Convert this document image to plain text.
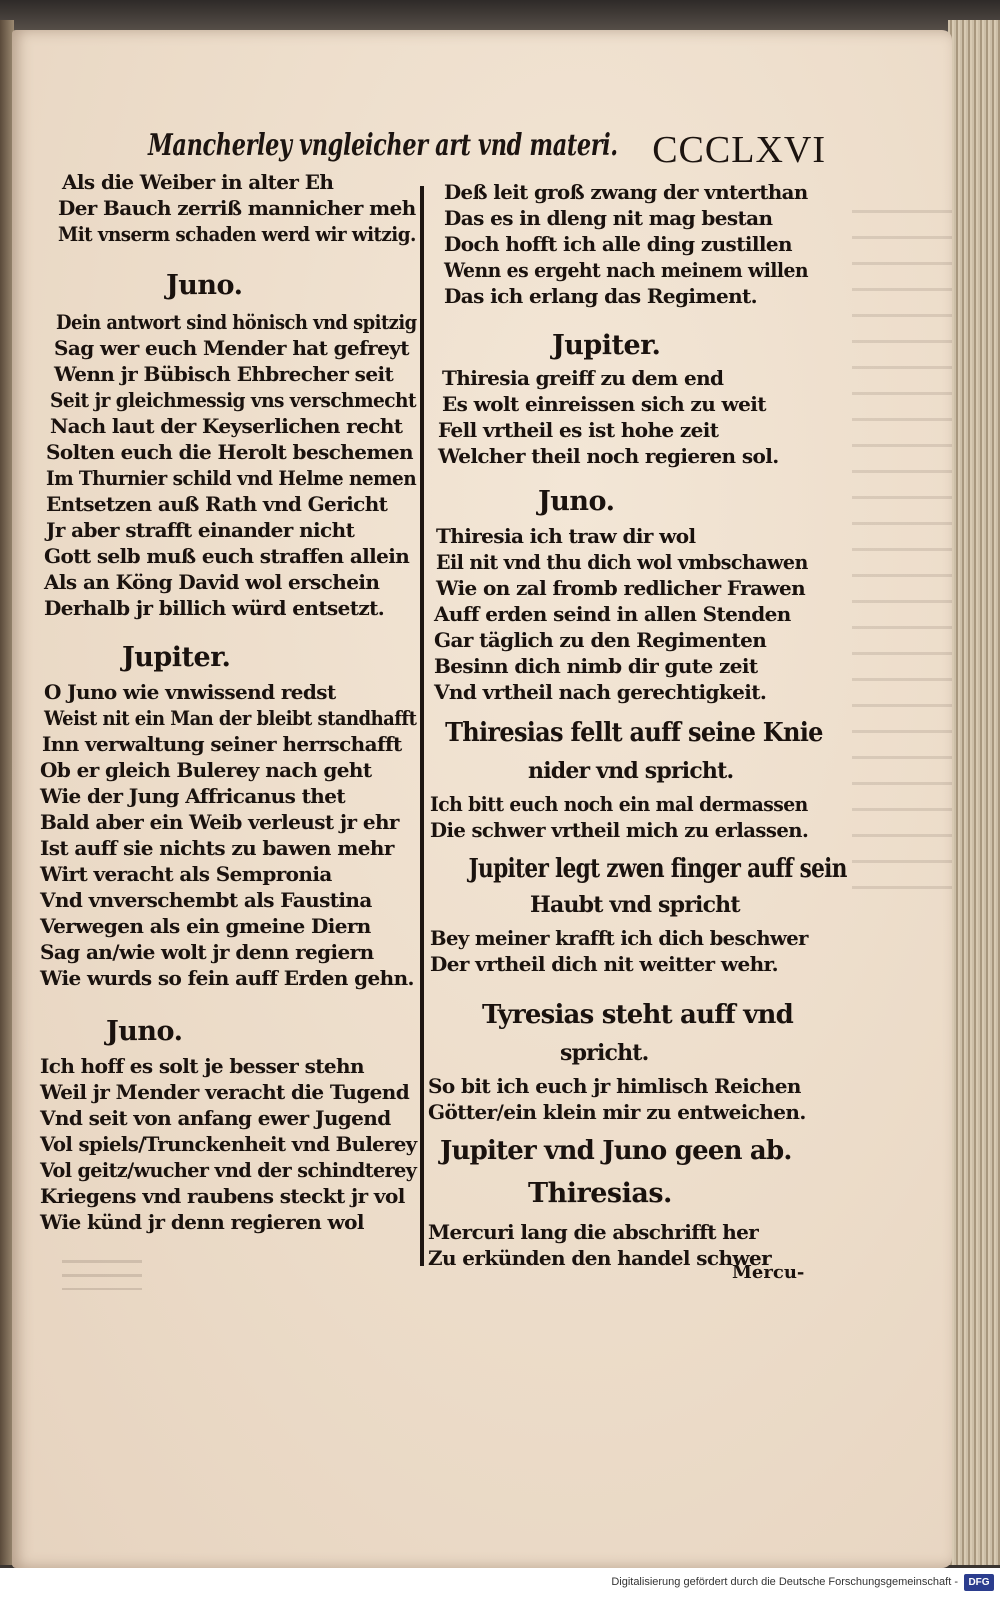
Mancherley vngleicher art vnd materi. CCCLXVI
Als die Weiber in alter Eh
Der Bauch zerriß mannicher meh
Mit vnserm schaden werd wir witzig.
Juno.
Dein antwort sind hönisch vnd spitzig
Sag wer euch Mender hat gefreyt
Wenn jr Bübisch Ehbrecher seit
Seit jr gleichmessig vns verschmecht
Nach laut der Keyserlichen recht
Solten euch die Herolt beschemen
Im Thurnier schild vnd Helme nemen
Entsetzen auß Rath vnd Gericht
Jr aber strafft einander nicht
Gott selb muß euch straffen allein
Als an Köng David wol erschein
Derhalb jr billich würd entsetzt.
Jupiter.
O Juno wie vnwissend redst
Weist nit ein Man der bleibt standhafft
Inn verwaltung seiner herrschafft
Ob er gleich Bulerey nach geht
Wie der Jung Affricanus thet
Bald aber ein Weib verleust jr ehr
Ist auff sie nichts zu bawen mehr
Wirt veracht als Sempronia
Vnd vnverschembt als Faustina
Verwegen als ein gmeine Diern
Sag an/wie wolt jr denn regiern
Wie wurds so fein auff Erden gehn.
Juno.
Ich hoff es solt je besser stehn
Weil jr Mender veracht die Tugend
Vnd seit von anfang ewer Jugend
Vol spiels/Trunckenheit vnd Bulerey
Vol geitz/wucher vnd der schindterey
Kriegens vnd raubens steckt jr vol
Wie künd jr denn regieren wol
Deß leit groß zwang der vnterthan
Das es in dleng nit mag bestan
Doch hofft ich alle ding zustillen
Wenn es ergeht nach meinem willen
Das ich erlang das Regiment.
Jupiter.
Thiresia greiff zu dem end
Es wolt einreissen sich zu weit
Fell vrtheil es ist hohe zeit
Welcher theil noch regieren sol.
Juno.
Thiresia ich traw dir wol
Eil nit vnd thu dich wol vmbschawen
Wie on zal fromb redlicher Frawen
Auff erden seind in allen Stenden
Gar täglich zu den Regimenten
Besinn dich nimb dir gute zeit
Vnd vrtheil nach gerechtigkeit.
Thiresias fellt auff seine Knie
nider vnd spricht.
Ich bitt euch noch ein mal dermassen
Die schwer vrtheil mich zu erlassen.
Jupiter legt zwen finger auff sein
Haubt vnd spricht
Bey meiner krafft ich dich beschwer
Der vrtheil dich nit weitter wehr.
Tyresias steht auff vnd
spricht.
So bit ich euch jr himlisch Reichen
Götter/ein klein mir zu entweichen.
Jupiter vnd Juno geen ab.
Thiresias.
Mercuri lang die abschrifft her
Zu erkünden den handel schwer
Mercu-
Digitalisierung gefördert durch die Deutsche Forschungsgemeinschaft -	DFG
